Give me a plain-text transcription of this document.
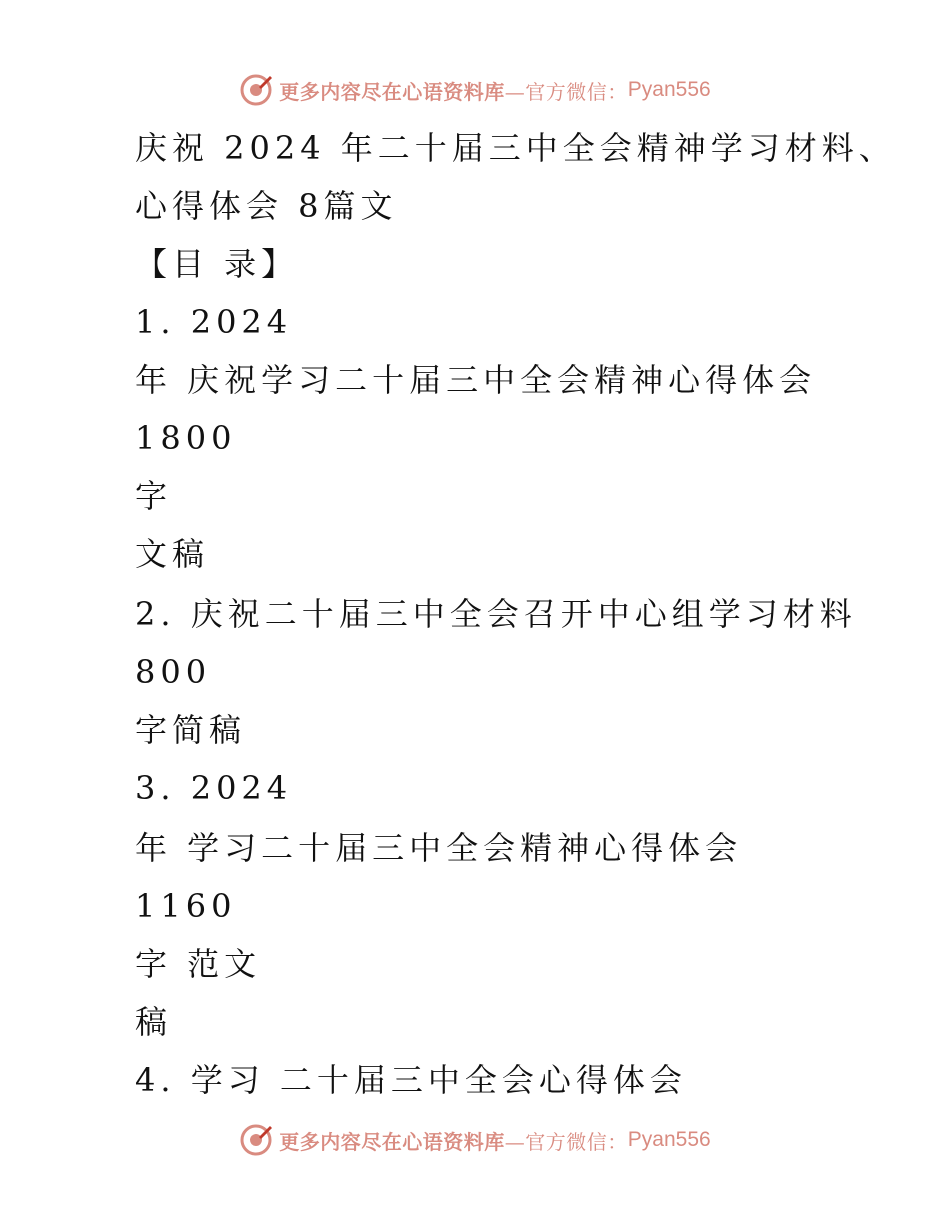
更多内容尽在心语资料库 —官方微信： Pyan556
庆祝 2024 年二十届三中全会精神学习材料、
心得体会 8篇文
【目 录】
1. 2024
年 庆祝学习二十届三中全会精神心得体会
1800
字
文稿
2. 庆祝二十届三中全会召开中心组学习材料
800
字简稿
3. 2024
年 学习二十届三中全会精神心得体会
1160
字 范文
稿
4. 学习 二十届三中全会心得体会
更多内容尽在心语资料库 —官方微信： Pyan556
